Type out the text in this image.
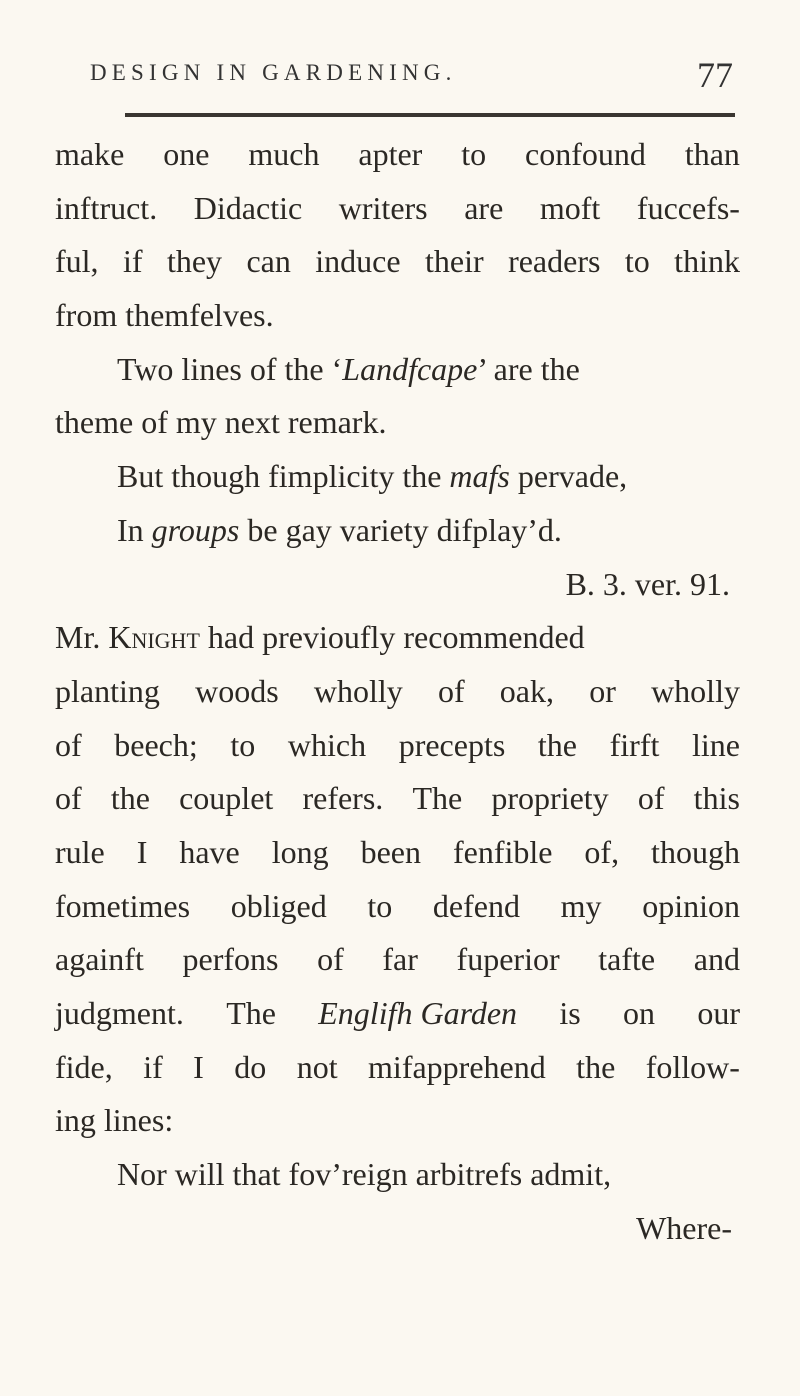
DESIGN IN GARDENING.	77
make one much apter to confound than
inftruct. Didactic writers are moft fuccefs-
ful, if they can induce their readers to think
from themfelves.
Two lines of the ‘Landfcape’ are the
theme of my next remark.
But though fimplicity the mafs pervade,
In groups be gay variety difplay’d.
B. 3. ver. 91.
Mr. Knight had previoufly recommended
planting woods wholly of oak, or wholly
of beech; to which precepts the firft line
of the couplet refers. The propriety of this
rule I have long been fenfible of, though
fometimes obliged to defend my opinion
againft perfons of far fuperior tafte and
judgment. The Englifh Garden is on our
fide, if I do not mifapprehend the follow-
ing lines:
Nor will that fov’reign arbitrefs admit,
Where-
